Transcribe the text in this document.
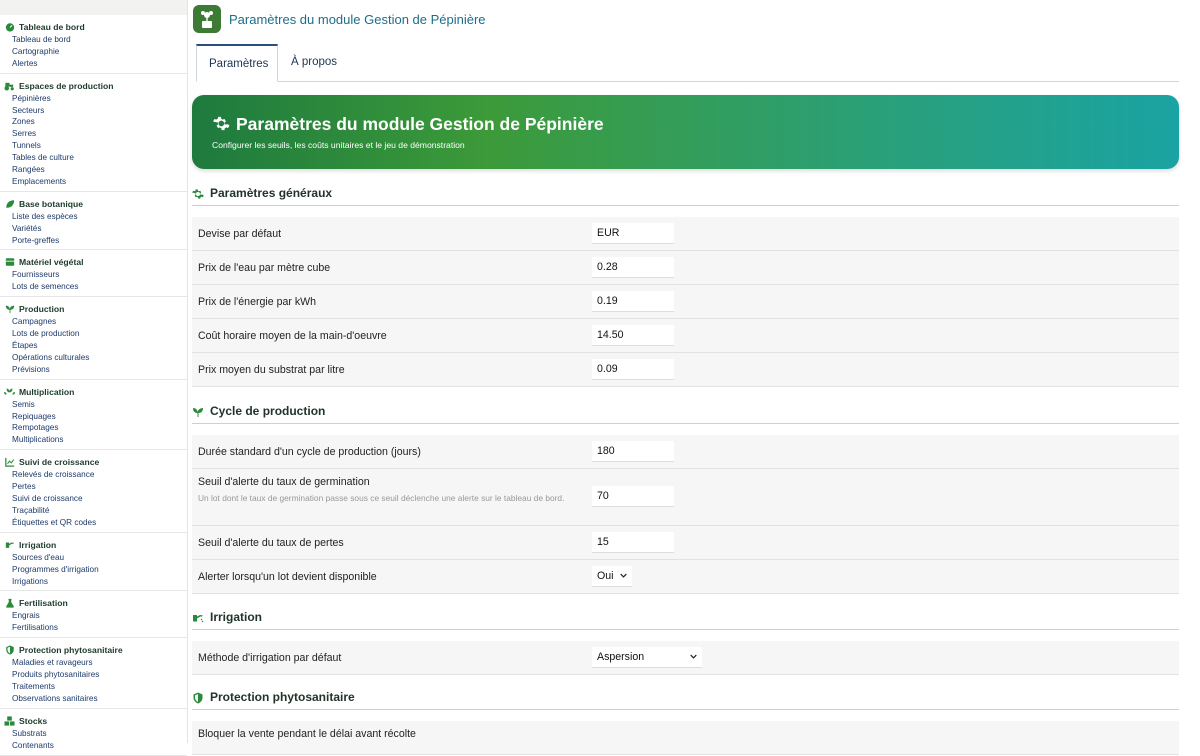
Tableau de bord
Tableau de bord
Cartographie
Alertes
Espaces de production
Pépinières
Secteurs
Zones
Serres
Tunnels
Tables de culture
Rangées
Emplacements
Base botanique
Liste des espèces
Variétés
Porte-greffes
Matériel végétal
Fournisseurs
Lots de semences
Production
Campagnes
Lots de production
Étapes
Opérations culturales
Prévisions
Multiplication
Semis
Repiquages
Rempotages
Multiplications
Suivi de croissance
Relevés de croissance
Pertes
Suivi de croissance
Traçabilité
Étiquettes et QR codes
Irrigation
Sources d'eau
Programmes d'irrigation
Irrigations
Fertilisation
Engrais
Fertilisations
Protection phytosanitaire
Maladies et ravageurs
Produits phytosanitaires
Traitements
Observations sanitaires
Stocks
Substrats
Contenants
Paramètres du module Gestion de Pépinière
Paramètres	À propos
Paramètres du module Gestion de Pépinière
Configurer les seuils, les coûts unitaires et le jeu de démonstration
Paramètres généraux
Devise par défaut	EUR
Prix de l'eau par mètre cube	0.28
Prix de l'énergie par kWh	0.19
Coût horaire moyen de la main-d'oeuvre	14.50
Prix moyen du substrat par litre	0.09
Cycle de production
Durée standard d'un cycle de production (jours)	180
Seuil d'alerte du taux de germination
Un lot dont le taux de germination passe sous ce seuil déclenche une alerte sur le tableau de bord.	70
Seuil d'alerte du taux de pertes	15
Alerter lorsqu'un lot devient disponible	Oui
Irrigation
Méthode d'irrigation par défaut	Aspersion
Protection phytosanitaire
Bloquer la vente pendant le délai avant récolte
